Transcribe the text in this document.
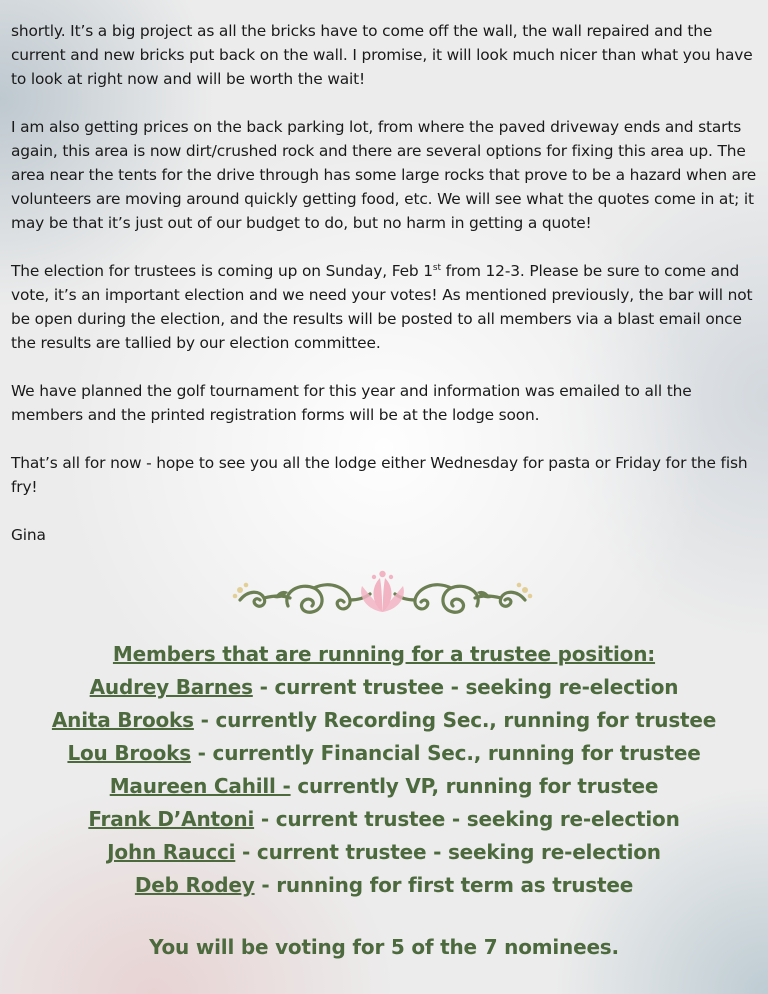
shortly. It’s a big project as all the bricks have to come off the wall, the wall repaired and the current and new bricks put back on the wall. I promise, it will look much nicer than what you have to look at right now and will be worth the wait!

I am also getting prices on the back parking lot, from where the paved driveway ends and starts again, this area is now dirt/crushed rock and there are several options for fixing this area up. The area near the tents for the drive through has some large rocks that prove to be a hazard when are volunteers are moving around quickly getting food, etc. We will see what the quotes come in at; it may be that it’s just out of our budget to do, but no harm in getting a quote!

The election for trustees is coming up on Sunday, Feb 1st from 12-3. Please be sure to come and vote, it’s an important election and we need your votes! As mentioned previously, the bar will not be open during the election, and the results will be posted to all members via a blast email once the results are tallied by our election committee.

We have planned the golf tournament for this year and information was emailed to all the members and the printed registration forms will be at the lodge soon.

That’s all for now - hope to see you all the lodge either Wednesday for pasta or Friday for the fish fry!

Gina

Members that are running for a trustee position:
Audrey Barnes - current trustee - seeking re-election
Anita Brooks - currently Recording Sec., running for trustee
Lou Brooks - currently Financial Sec., running for trustee
Maureen Cahill - currently VP, running for trustee
Frank D’Antoni - current trustee - seeking re-election
John Raucci - current trustee - seeking re-election
Deb Rodey - running for first term as trustee
You will be voting for 5 of the 7 nominees.
